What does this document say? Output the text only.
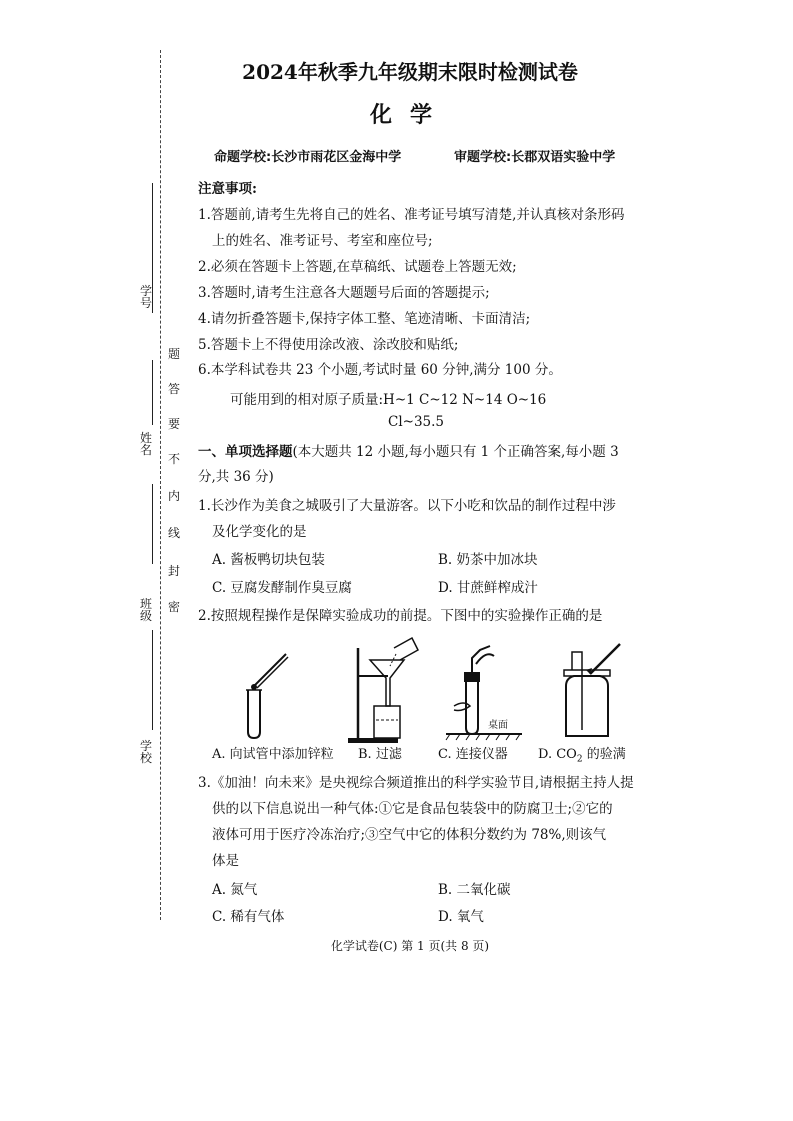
学号
姓名
班级
学校
题
答
要
不
内
线
封
密
2024年秋季九年级期末限时检测试卷
化学
命题学校:长沙市雨花区金海中学	审题学校:长郡双语实验中学
注意事项:
1.答题前,请考生先将自己的姓名、准考证号填写清楚,并认真核对条形码
上的姓名、准考证号、考室和座位号;
2.必须在答题卡上答题,在草稿纸、试题卷上答题无效;
3.答题时,请考生注意各大题题号后面的答题提示;
4.请勿折叠答题卡,保持字体工整、笔迹清晰、卡面清洁;
5.答题卡上不得使用涂改液、涂改胶和贴纸;
6.本学科试卷共 23 个小题,考试时量 60 分钟,满分 100 分。
可能用到的相对原子质量:H~1 C~12 N~14 O~16
Cl~35.5
一、单项选择题(本大题共 12 小题,每小题只有 1 个正确答案,每小题 3
分,共 36 分)
1.长沙作为美食之城吸引了大量游客。以下小吃和饮品的制作过程中涉
及化学变化的是
A. 酱板鸭切块包装	B. 奶茶中加冰块
C. 豆腐发酵制作臭豆腐	D. 甘蔗鲜榨成汁
2.按照规程操作是保障实验成功的前提。下图中的实验操作正确的是
桌面
A. 向试管中添加锌粒 B. 过滤	C. 连接仪器 D. $CO_2$ 的验满
3.《加油！向未来》是央视综合频道推出的科学实验节目,请根据主持人提
供的以下信息说出一种气体:①它是食品包装袋中的防腐卫士;②它的
液体可用于医疗冷冻治疗;③空气中它的体积分数约为 78%,则该气
体是
A. 氮气	B. 二氧化碳
C. 稀有气体	D. 氧气
化学试卷(C) 第 1 页(共 8 页)
